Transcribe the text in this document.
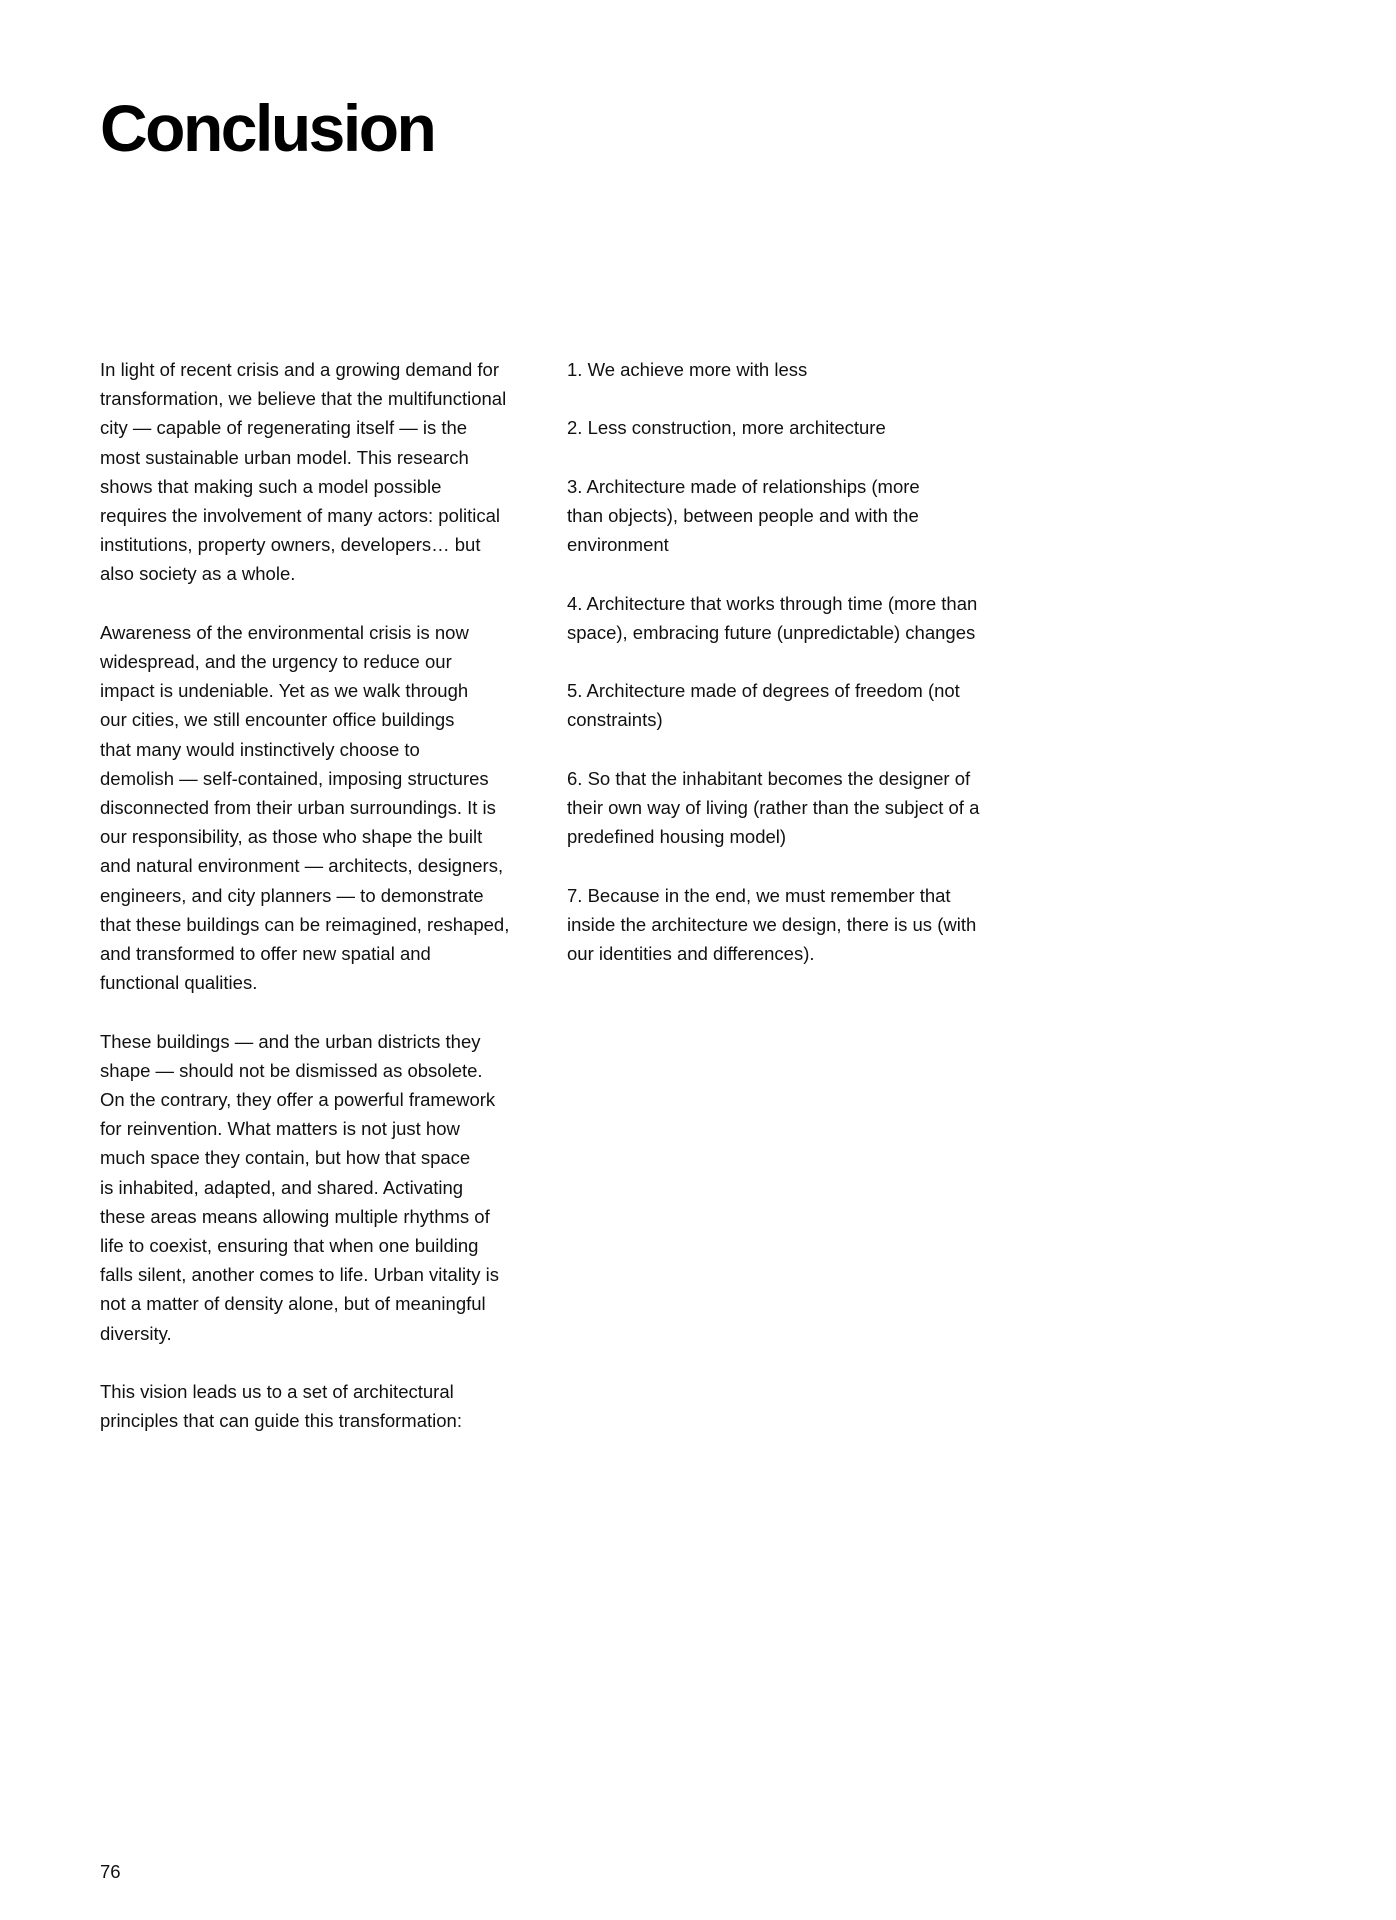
Conclusion

In light of recent crisis and a growing demand for
transformation, we believe that the multifunctional
city — capable of regenerating itself — is the
most sustainable urban model. This research
shows that making such a model possible
requires the involvement of many actors: political
institutions, property owners, developers… but
also society as a whole.

Awareness of the environmental crisis is now
widespread, and the urgency to reduce our
impact is undeniable. Yet as we walk through
our cities, we still encounter office buildings
that many would instinctively choose to
demolish — self-contained, imposing structures
disconnected from their urban surroundings. It is
our responsibility, as those who shape the built
and natural environment — architects, designers,
engineers, and city planners — to demonstrate
that these buildings can be reimagined, reshaped,
and transformed to offer new spatial and
functional qualities.

These buildings — and the urban districts they
shape — should not be dismissed as obsolete.
On the contrary, they offer a powerful framework
for reinvention. What matters is not just how
much space they contain, but how that space
is inhabited, adapted, and shared. Activating
these areas means allowing multiple rhythms of
life to coexist, ensuring that when one building
falls silent, another comes to life. Urban vitality is
not a matter of density alone, but of meaningful
diversity.

This vision leads us to a set of architectural
principles that can guide this transformation:

1. We achieve more with less

2. Less construction, more architecture

3. Architecture made of relationships (more
than objects), between people and with the
environment

4. Architecture that works through time (more than
space), embracing future (unpredictable) changes

5. Architecture made of degrees of freedom (not
constraints)

6. So that the inhabitant becomes the designer of
their own way of living (rather than the subject of a
predefined housing model)

7. Because in the end, we must remember that
inside the architecture we design, there is us (with
our identities and differences).

76
